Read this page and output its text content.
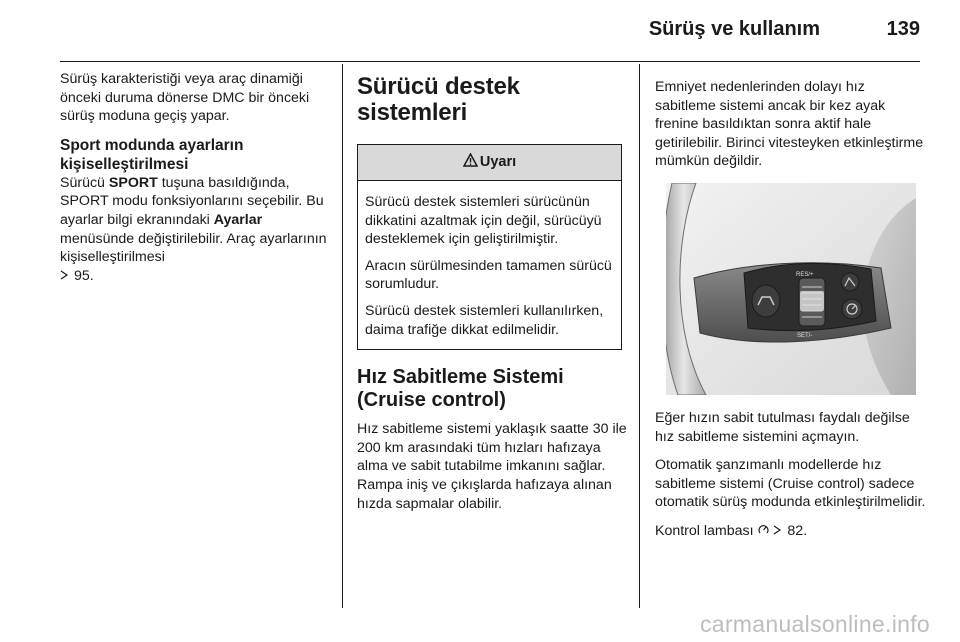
Sürüş ve kullanım	139

Sürüş karakteristiği veya araç dinamiği önceki duruma dönerse DMC bir önceki sürüş moduna geçiş yapar.

Sport modunda ayarların kişiselleştirilmesi

Sürücü SPORT tuşuna basıldığında, SPORT modu fonksiyonlarını seçebilir. Bu ayarlar bilgi ekranındaki Ayarlar menüsünde değiştirilebilir. Araç ayarlarının kişiselleştirilmesi
95.

Sürücü destek sistemleri
Uyarı

Sürücü destek sistemleri sürücünün dikkatini azaltmak için değil, sürücüyü desteklemek için geliştirilmiştir.

Aracın sürülmesinden tamamen sürücü sorumludur.

Sürücü destek sistemleri kullanılırken, daima trafiğe dikkat edilmelidir.

Hız Sabitleme Sistemi (Cruise control)

Hız sabitleme sistemi yaklaşık saatte 30 ile 200 km arasındaki tüm hızları hafızaya alma ve sabit tutabilme imkanını sağlar. Rampa iniş ve çıkışlarda hafızaya alınan hızda sapmalar olabilir.

Emniyet nedenlerinden dolayı hız sabitleme sistemi ancak bir kez ayak frenine basıldıktan sonra aktif hale getirilebilir. Birinci vitesteyken etkinleştirme mümkün değildir.

RES/+
SET/-

Eğer hızın sabit tutulması faydalı değilse hız sabitleme sistemini açmayın.

Otomatik şanzımanlı modellerde hız sabitleme sistemi (Cruise control) sadece otomatik sürüş modunda etkinleştirilmelidir.

Kontrol lambası   82.

carmanualsonline.info
